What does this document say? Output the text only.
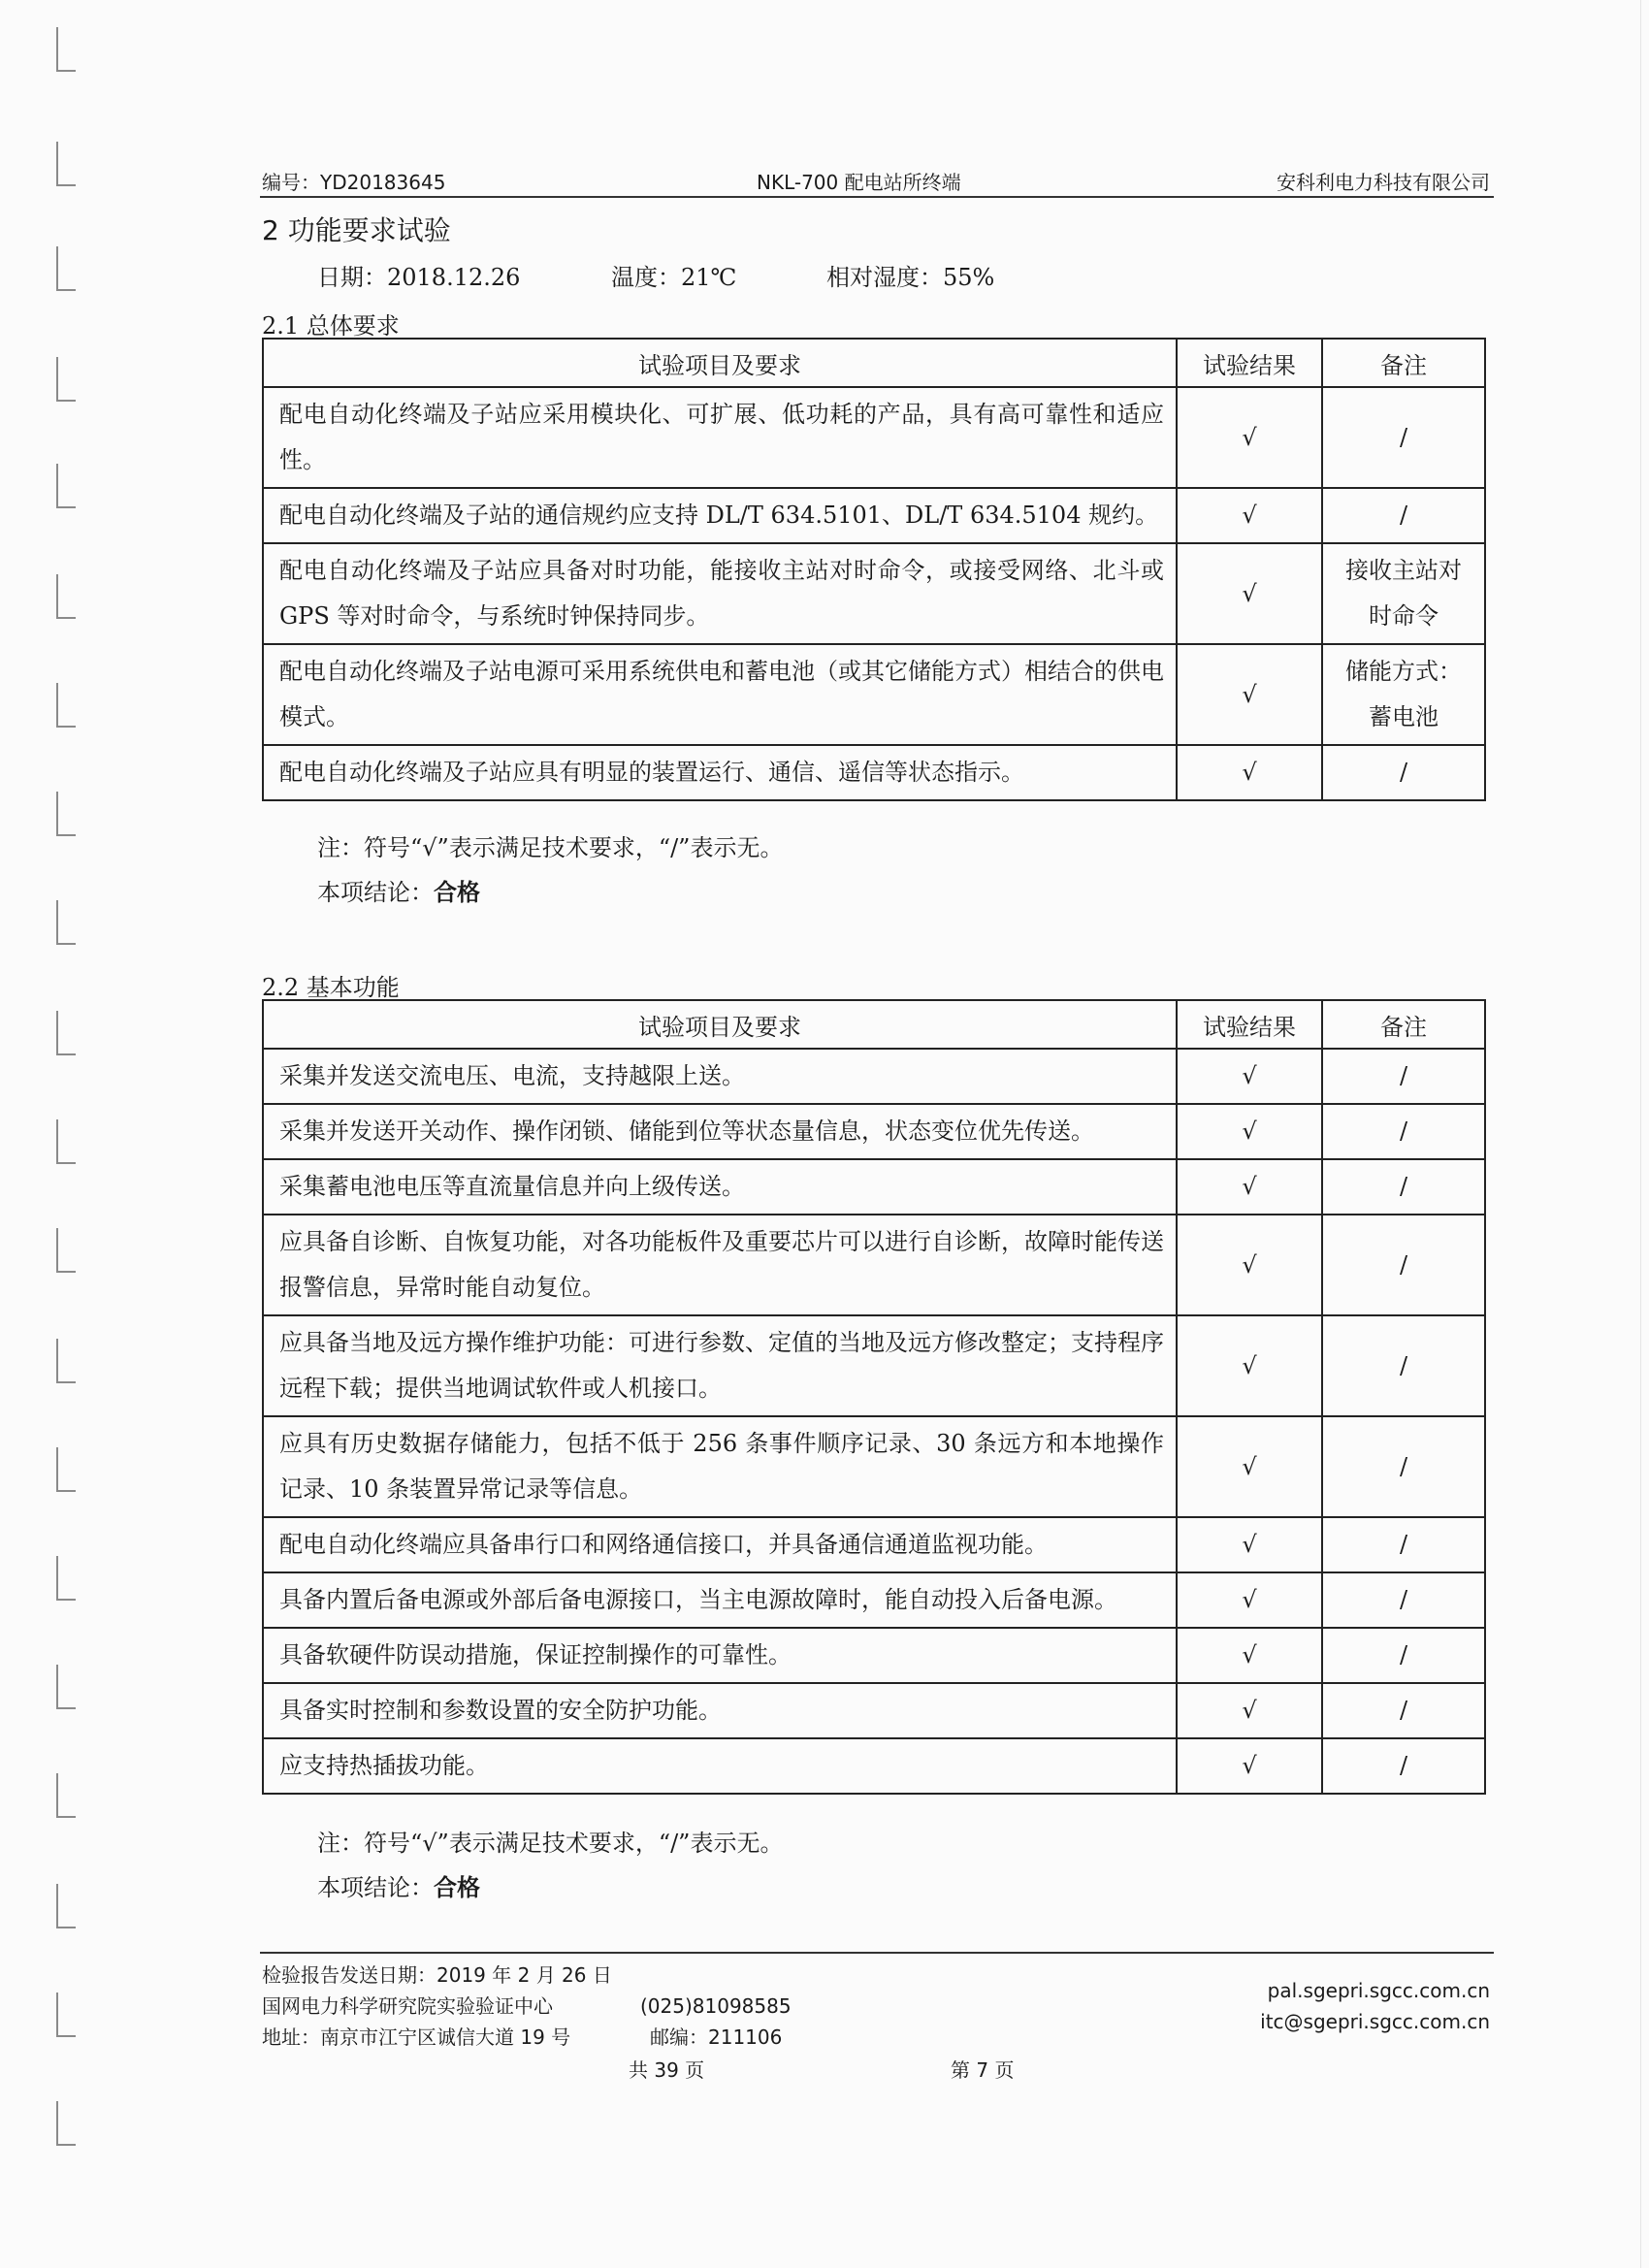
编号：YD20183645	NKL-700 配电站所终端	安科利电力科技有限公司
2 功能要求试验
日期：2018.12.26	温度：21℃	相对湿度：55%
2.1 总体要求
试验项目及要求	试验结果	备注
配电自动化终端及子站应采用模块化、可扩展、低功耗的产品，具有高可靠性和适应性。	√	/
配电自动化终端及子站的通信规约应支持 DL/T 634.5101、DL/T 634.5104 规约。	√	/
配电自动化终端及子站应具备对时功能，能接收主站对时命令，或接受网络、北斗或 GPS 等对时命令，与系统时钟保持同步。	√	接收主站对时命令
配电自动化终端及子站电源可采用系统供电和蓄电池（或其它储能方式）相结合的供电模式。	√	储能方式：蓄电池
配电自动化终端及子站应具有明显的装置运行、通信、遥信等状态指示。	√	/
注：符号“√”表示满足技术要求，“/”表示无。
本项结论：合格
2.2 基本功能
试验项目及要求	试验结果	备注
采集并发送交流电压、电流，支持越限上送。	√	/
采集并发送开关动作、操作闭锁、储能到位等状态量信息，状态变位优先传送。	√	/
采集蓄电池电压等直流量信息并向上级传送。	√	/
应具备自诊断、自恢复功能，对各功能板件及重要芯片可以进行自诊断，故障时能传送报警信息，异常时能自动复位。	√	/
应具备当地及远方操作维护功能：可进行参数、定值的当地及远方修改整定；支持程序远程下载；提供当地调试软件或人机接口。	√	/
应具有历史数据存储能力，包括不低于 256 条事件顺序记录、30 条远方和本地操作记录、10 条装置异常记录等信息。	√	/
配电自动化终端应具备串行口和网络通信接口，并具备通信通道监视功能。	√	/
具备内置后备电源或外部后备电源接口，当主电源故障时，能自动投入后备电源。	√	/
具备软硬件防误动措施，保证控制操作的可靠性。	√	/
具备实时控制和参数设置的安全防护功能。	√	/
应支持热插拔功能。	√	/
注：符号“√”表示满足技术要求，“/”表示无。
本项结论：合格
检验报告发送日期：2019 年 2 月 26 日
国网电力科学研究院实验验证中心	(025)81098585
地址：南京市江宁区诚信大道 19 号	邮编：211106
pal.sgepri.sgcc.com.cn
itc@sgepri.sgcc.com.cn
共 39 页	第 7 页
